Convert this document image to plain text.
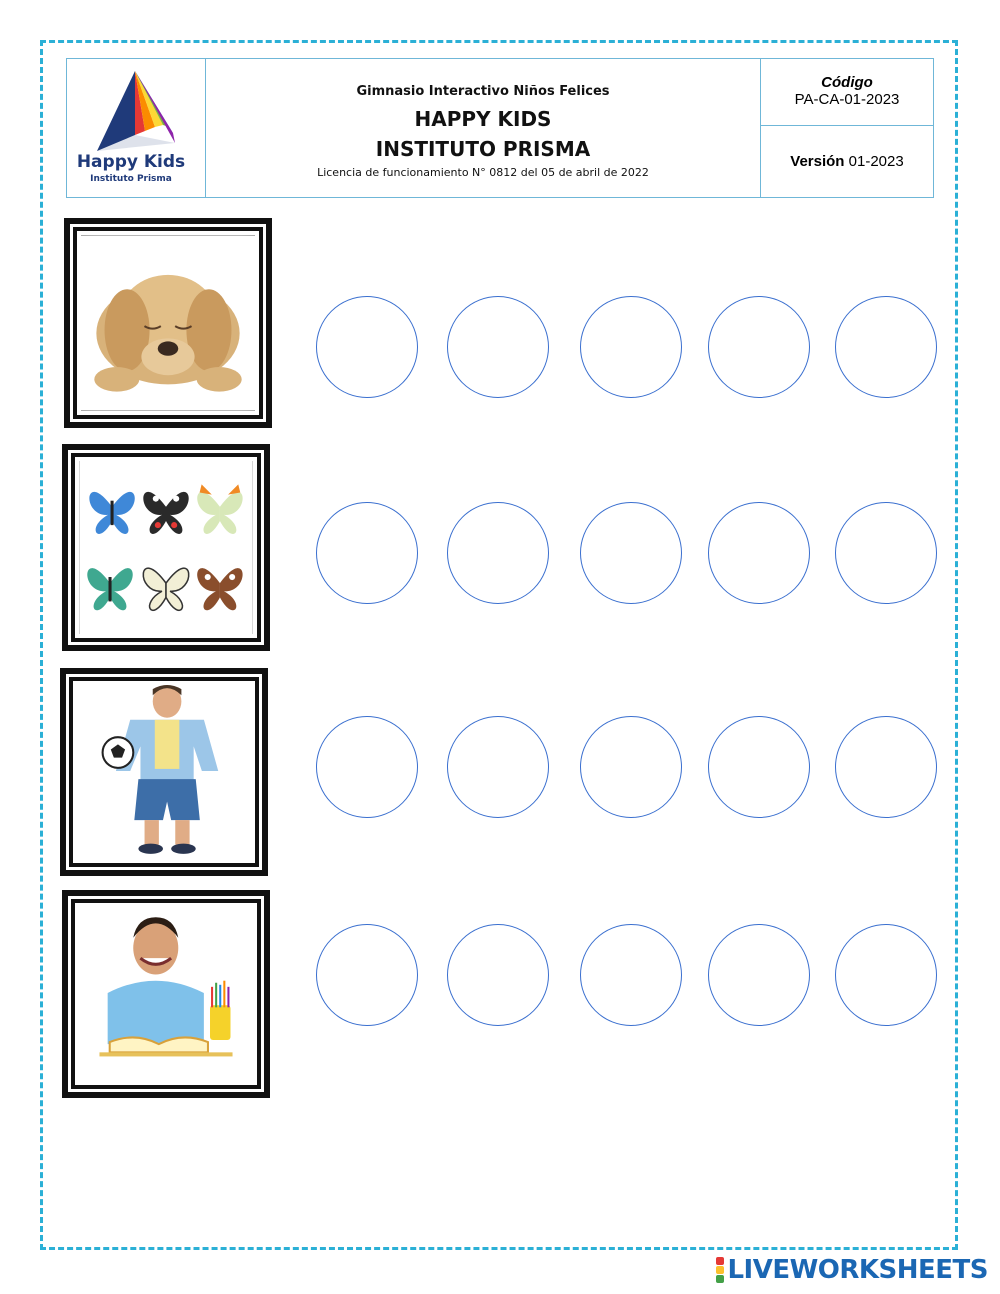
Happy Kids
Instituto Prisma
Gimnasio Interactivo Niños Felices
HAPPY KIDS
INSTITUTO PRISMA
Licencia de funcionamiento N° 0812 del 05 de abril de 2022
Código
PA-CA-01-2023
Versión
01-2023
LIVEWORKSHEETS
